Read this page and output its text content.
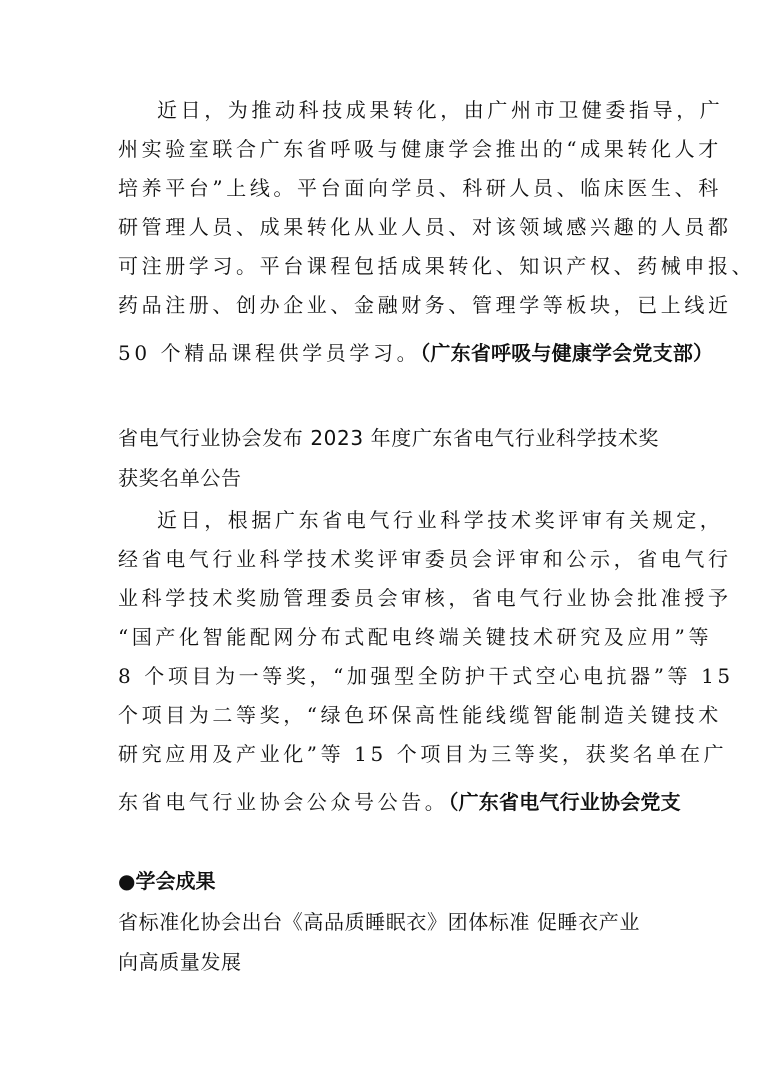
近日，为推动科技成果转化，由广州市卫健委指导，广
州实验室联合广东省呼吸与健康学会推出的“成果转化人才
培养平台”上线。平台面向学员、科研人员、临床医生、科
研管理人员、成果转化从业人员、对该领域感兴趣的人员都
可注册学习。平台课程包括成果转化、知识产权、药械申报、
药品注册、创办企业、金融财务、管理学等板块，已上线近
50 个精品课程供学员学习。（广东省呼吸与健康学会党支部）
省电气行业协会发布 2023 年度广东省电气行业科学技术奖
获奖名单公告
近日，根据广东省电气行业科学技术奖评审有关规定，
经省电气行业科学技术奖评审委员会评审和公示，省电气行
业科学技术奖励管理委员会审核，省电气行业协会批准授予
“国产化智能配网分布式配电终端关键技术研究及应用”等
8 个项目为一等奖，“加强型全防护干式空心电抗器”等 15
个项目为二等奖，“绿色环保高性能线缆智能制造关键技术
研究应用及产业化”等 15 个项目为三等奖，获奖名单在广
东省电气行业协会公众号公告。（广东省电气行业协会党支
●学会成果
省标准化协会出台《高品质睡眠衣》团体标准 促睡衣产业
向高质量发展
